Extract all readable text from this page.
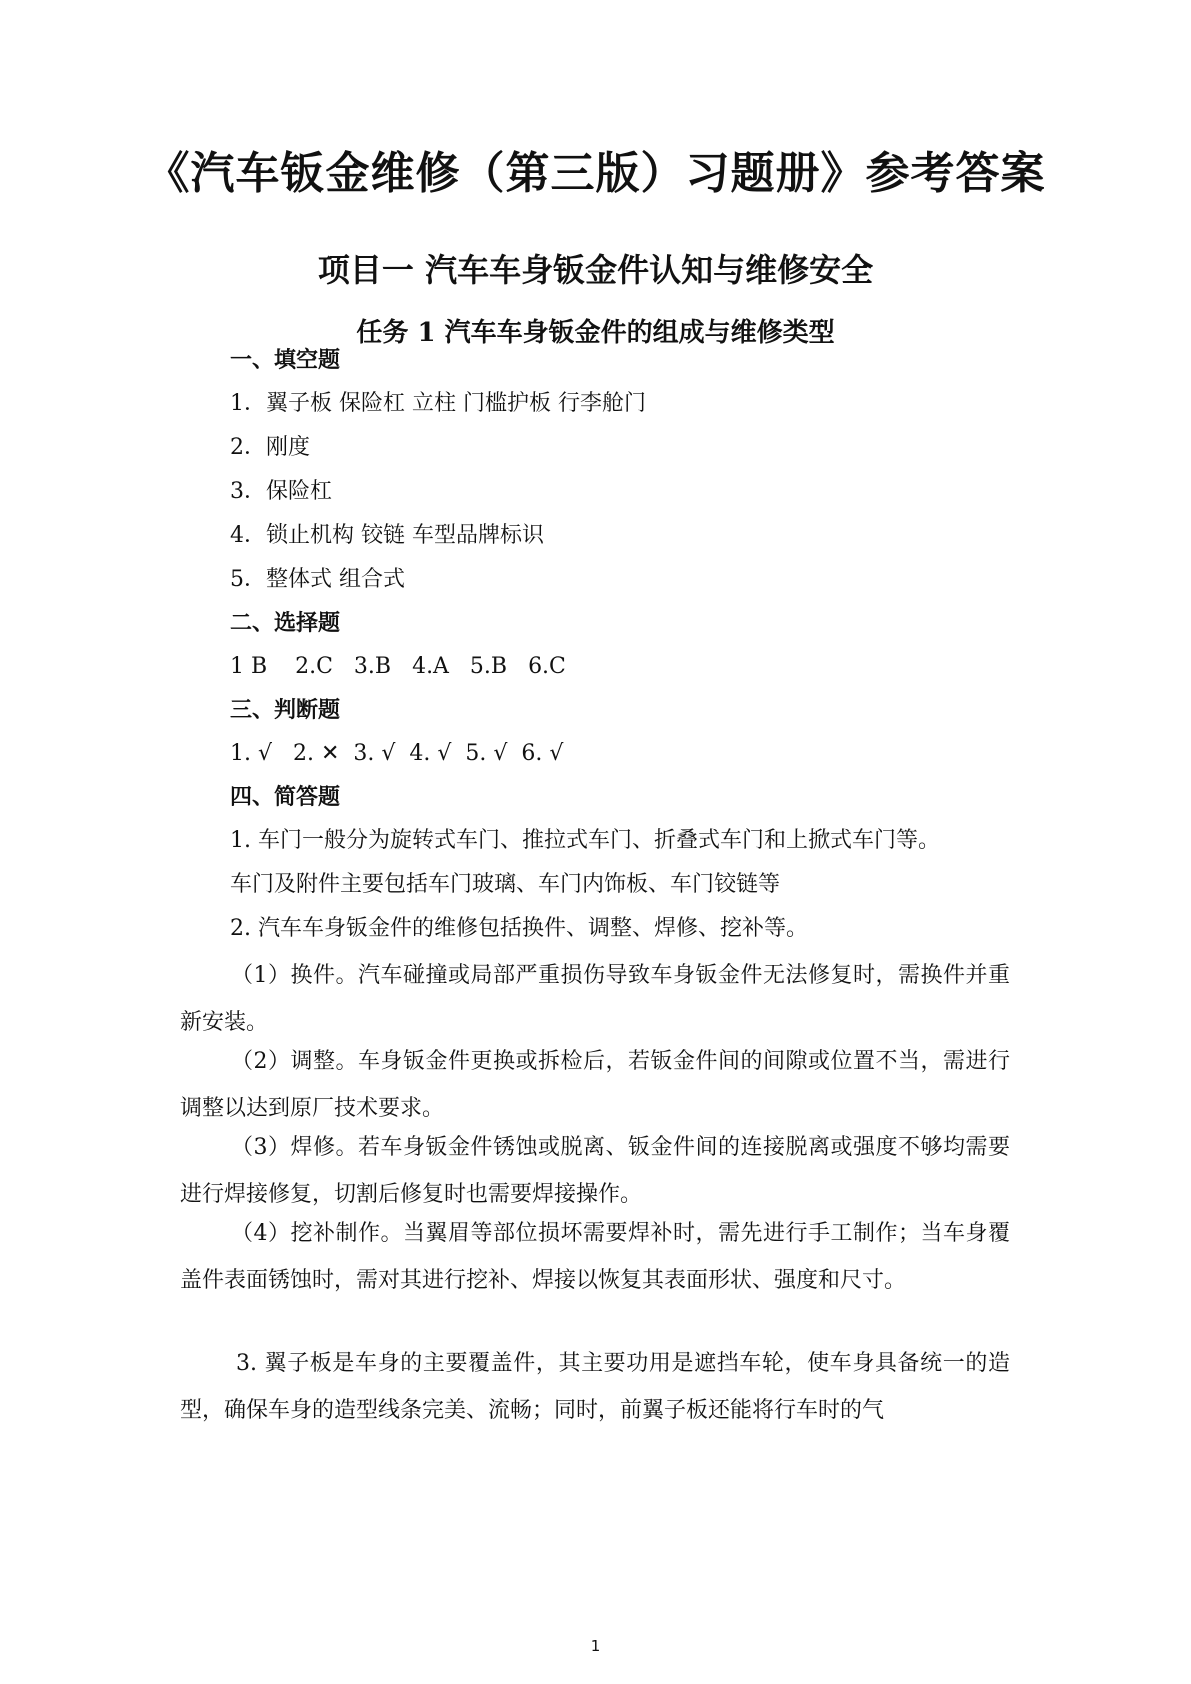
《汽车钣金维修（第三版）习题册》参考答案
项目一 汽车车身钣金件认知与维修安全
任务 1 汽车车身钣金件的组成与维修类型
一、填空题
1．翼子板 保险杠 立柱 门槛护板 行李舱门
2．刚度
3．保险杠
4．锁止机构 铰链 车型品牌标识
5．整体式 组合式
二、选择题
1 B    2.C   3.B   4.A   5.B   6.C
三、判断题
1. √   2. ✕  3. √  4. √  5. √  6. √
四、简答题
1. 车门一般分为旋转式车门、推拉式车门、折叠式车门和上掀式车门等。
车门及附件主要包括车门玻璃、车门内饰板、车门铰链等
2. 汽车车身钣金件的维修包括换件、调整、焊修、挖补等。
（1）换件。汽车碰撞或局部严重损伤导致车身钣金件无法修复时，需换件并重新安装。
（2）调整。车身钣金件更换或拆检后，若钣金件间的间隙或位置不当，需进行调整以达到原厂技术要求。
（3）焊修。若车身钣金件锈蚀或脱离、钣金件间的连接脱离或强度不够均需要进行焊接修复，切割后修复时也需要焊接操作。
（4）挖补制作。当翼眉等部位损坏需要焊补时，需先进行手工制作；当车身覆盖件表面锈蚀时，需对其进行挖补、焊接以恢复其表面形状、强度和尺寸。
3. 翼子板是车身的主要覆盖件，其主要功用是遮挡车轮，使车身具备统一的造型，确保车身的造型线条完美、流畅；同时，前翼子板还能将行车时的气
1
